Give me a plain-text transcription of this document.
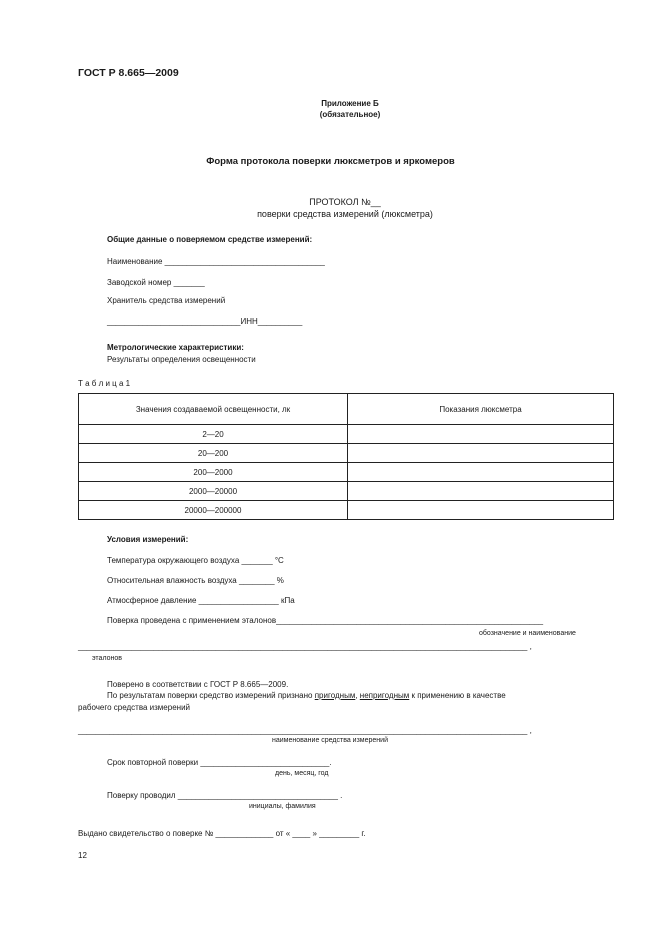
ГОСТ Р 8.665—2009
Приложение Б
(обязательное)
Форма протокола поверки люксметров и яркомеров
ПРОТОКОЛ №__
поверки средства измерений (люксметра)
Общие данные о поверяемом средстве измерений:
Наименование ____________________________________
Заводской номер _______
Хранитель средства измерений
______________________________ИНН__________
Метрологические характеристики:
Результаты определения освещенности
Т а б л и ц а 1
Значения создаваемой освещенности, лк	Показания люксметра
2—20	
20—200	
200—2000	
2000—20000	
20000—200000	
Условия измерений:
Температура окружающего воздуха _______ °С
Относительная влажность воздуха ________ %
Атмосферное давление __________________ кПа
Поверка проведена с применением эталонов____________________________________________________________
обозначение и наименование
_____________________________________________________________________________________________________ ,
эталонов
Поверено в соответствии с ГОСТ Р 8.665—2009.
По результатам поверки средство измерений признано пригодным, непригодным к применению в качестве
рабочего средства измерений
_____________________________________________________________________________________________________ ,
наименование средства измерений
Срок повторной поверки _____________________________.
день, месяц, год
Поверку проводил ____________________________________ .
инициалы, фамилия
Выдано свидетельство о поверке № _____________ от « ____ » _________ г.
12
